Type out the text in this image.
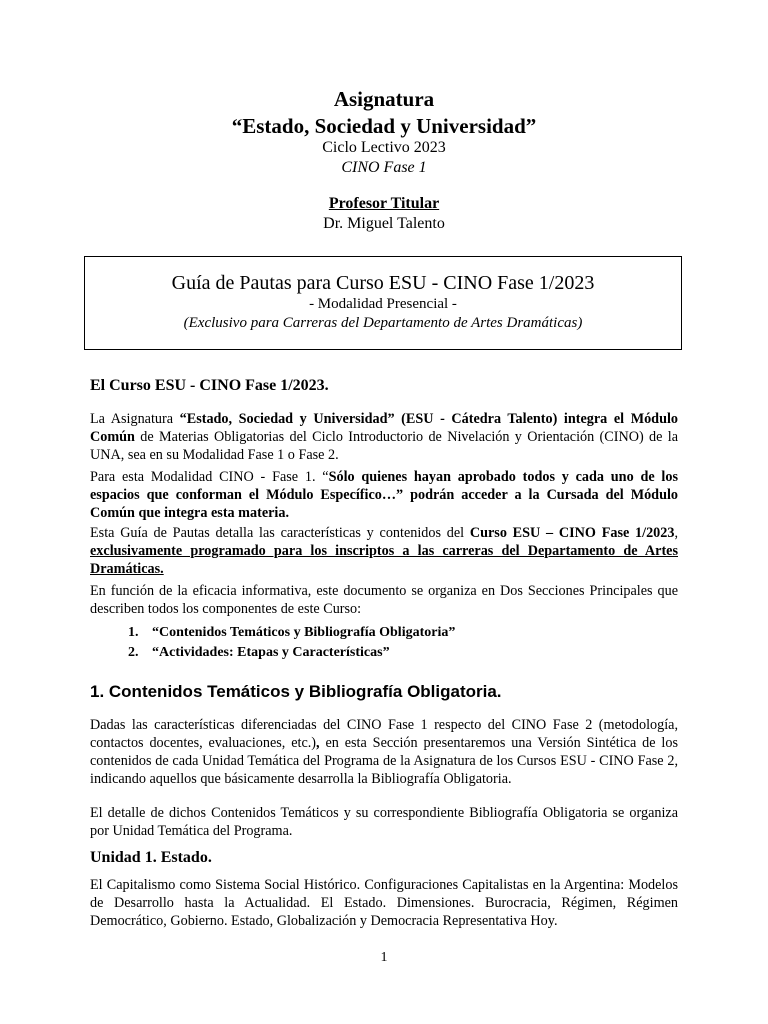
Asignatura
“Estado, Sociedad y Universidad”
Ciclo Lectivo 2023
CINO Fase 1
Profesor Titular
Dr. Miguel Talento
Guía de Pautas para Curso ESU - CINO Fase 1/2023
- Modalidad Presencial -
(Exclusivo para Carreras del Departamento de Artes Dramáticas)
El Curso ESU - CINO Fase 1/2023.
La Asignatura “Estado, Sociedad y Universidad” (ESU - Cátedra Talento) integra el Módulo Común de Materias Obligatorias del Ciclo Introductorio de Nivelación y Orientación (CINO) de la UNA, sea en su Modalidad Fase 1 o Fase 2.
Para esta Modalidad CINO - Fase 1. “Sólo quienes hayan aprobado todos y cada uno de los espacios que conforman el Módulo Específico…” podrán acceder a la Cursada del Módulo Común que integra esta materia.
Esta Guía de Pautas detalla las características y contenidos del Curso ESU – CINO Fase 1/2023, exclusivamente programado para los inscriptos a las carreras del Departamento de Artes Dramáticas.
En función de la eficacia informativa, este documento se organiza en Dos Secciones Principales que describen todos los componentes de este Curso:
1. “Contenidos Temáticos y Bibliografía Obligatoria”
2. “Actividades: Etapas y Características”
1. Contenidos Temáticos y Bibliografía Obligatoria.
Dadas las características diferenciadas del CINO Fase 1 respecto del CINO Fase 2 (metodología, contactos docentes, evaluaciones, etc.), en esta Sección presentaremos una Versión Sintética de los contenidos de cada Unidad Temática del Programa de la Asignatura de los Cursos ESU - CINO Fase 2, indicando aquellos que básicamente desarrolla la Bibliografía Obligatoria.
El detalle de dichos Contenidos Temáticos y su correspondiente Bibliografía Obligatoria se organiza por Unidad Temática del Programa.
Unidad 1. Estado.
El Capitalismo como Sistema Social Histórico. Configuraciones Capitalistas en la Argentina: Modelos de Desarrollo hasta la Actualidad. El Estado. Dimensiones. Burocracia, Régimen, Régimen Democrático, Gobierno. Estado, Globalización y Democracia Representativa Hoy.
1
